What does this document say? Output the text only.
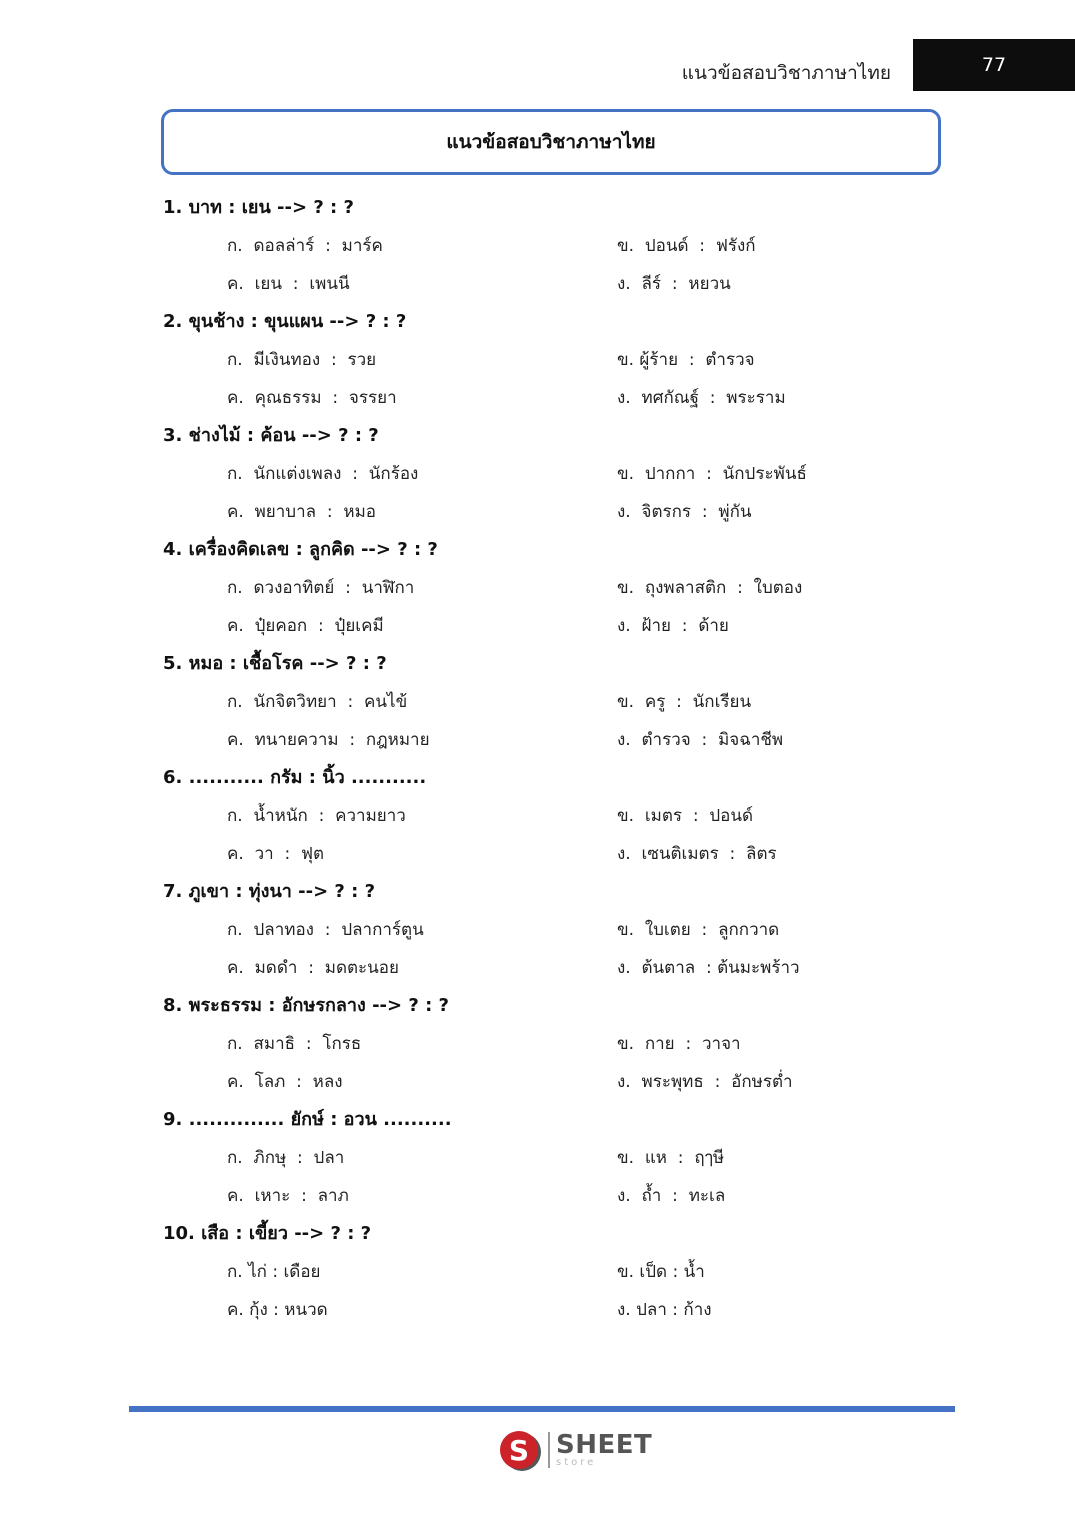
แนวข้อสอบวิชาภาษาไทย	77
แนวข้อสอบวิชาภาษาไทย
1. บาท : เยน --> ? : ?
ก.  ดอลล่าร์  :  มาร์ค	ข.  ปอนด์  :  ฟรังก์
ค.  เยน  :  เพนนี	ง.  ลีร์  :  หยวน
2. ขุนช้าง : ขุนแผน --> ? : ?
ก.  มีเงินทอง  :  รวย	ข. ผู้ร้าย  :  ตำรวจ
ค.  คุณธรรม  :  จรรยา	ง.  ทศกัณฐ์  :  พระราม
3. ช่างไม้ : ค้อน --> ? : ?
ก.  นักแต่งเพลง  :  นักร้อง	ข.  ปากกา  :  นักประพันธ์
ค.  พยาบาล  :  หมอ	ง.  จิตรกร  :  พู่กัน
4. เครื่องคิดเลข : ลูกคิด --> ? : ?
ก.  ดวงอาทิตย์  :  นาฬิกา	ข.  ถุงพลาสติก  :  ใบตอง
ค.  ปุ๋ยคอก  :  ปุ๋ยเคมี	ง.  ฝ้าย  :  ด้าย
5. หมอ : เชื้อโรค --> ? : ?
ก.  นักจิตวิทยา  :  คนไข้	ข.  ครู  :  นักเรียน
ค.  ทนายความ  :  กฎหมาย	ง.  ตำรวจ  :  มิจฉาชีพ
6. ........... กรัม : นิ้ว ...........
ก.  น้ำหนัก  :  ความยาว	ข.  เมตร  :  ปอนด์
ค.  วา  :  ฟุต	ง.  เซนติเมตร  :  ลิตร
7. ภูเขา : ทุ่งนา --> ? : ?
ก.  ปลาทอง  :  ปลาการ์ตูน	ข.  ใบเตย  :  ลูกกวาด
ค.  มดดำ  :  มดตะนอย	ง.  ต้นตาล  : ต้นมะพร้าว
8. พระธรรม : อักษรกลาง --> ? : ?
ก.  สมาธิ  :  โกรธ	ข.  กาย  :  วาจา
ค.  โลภ  :  หลง	ง.  พระพุทธ  :  อักษรต่ำ
9. .............. ยักษ์ : อวน ..........
ก.  ภิกษุ  :  ปลา	ข.  แห  :  ฤๅษี
ค.  เหาะ  :  ลาภ	ง.  ถ้ำ  :  ทะเล
10. เสือ : เขี้ยว --> ? : ?
ก. ไก่ : เดือย	ข. เป็ด : น้ำ
ค. กุ้ง : หนวด	ง. ปลา : ก้าง
S	SHEET
store
